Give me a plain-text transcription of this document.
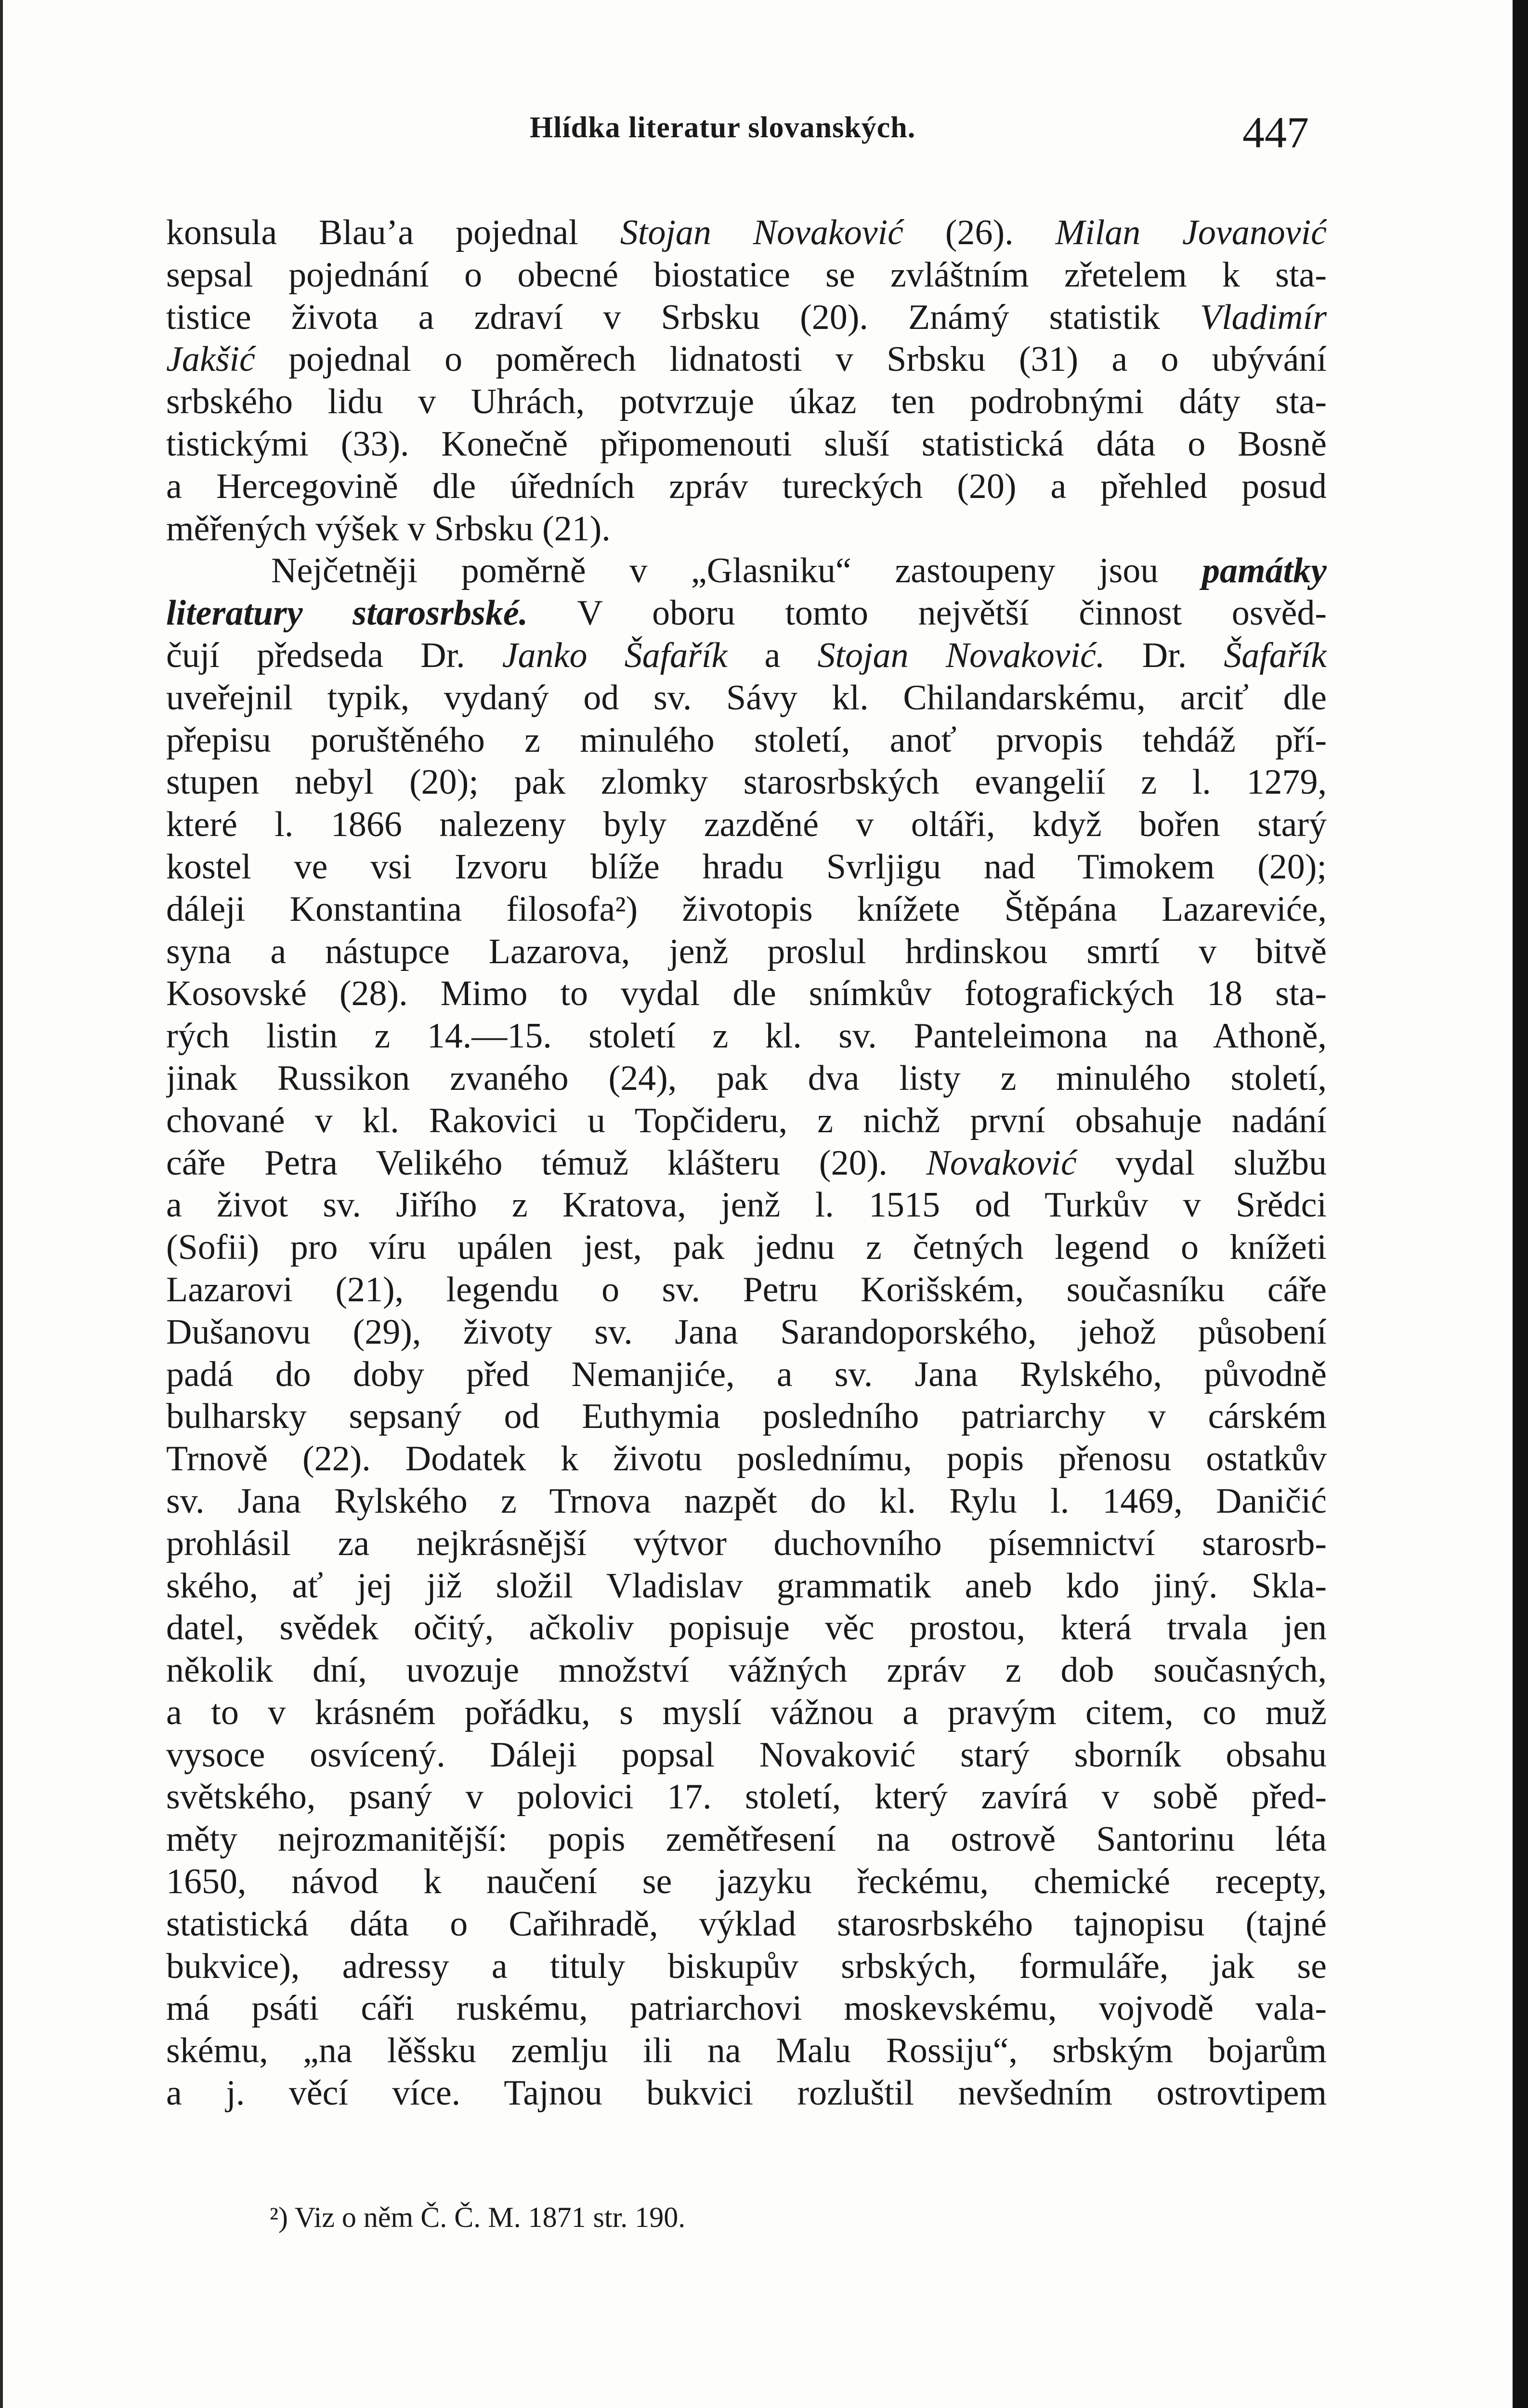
Hlídka literatur slovanských.	447
konsula Blau’a pojednal Stojan Novaković (26). Milan Jovanović
sepsal pojednání o obecné biostatice se zvláštním zřetelem k sta-
tistice života a zdraví v Srbsku (20). Známý statistik Vladimír
Jakšić pojednal o poměrech lidnatosti v Srbsku (31) a o ubývání
srbského lidu v Uhrách, potvrzuje úkaz ten podrobnými dáty sta-
tistickými (33). Konečně připomenouti sluší statistická dáta o Bosně
a Hercegovině dle úředních zpráv tureckých (20) a přehled posud
měřených výšek v Srbsku (21).
Nejčetněji poměrně v „Glasniku“ zastoupeny jsou památky
literatury starosrbské. V oboru tomto největší činnost osvěd-
čují předseda Dr. Janko Šafařík a Stojan Novaković. Dr. Šafařík
uveřejnil typik, vydaný od sv. Sávy kl. Chilandarskému, arciť dle
přepisu poruštěného z minulého století, anoť prvopis tehdáž pří-
stupen nebyl (20); pak zlomky starosrbských evangelií z l. 1279,
které l. 1866 nalezeny byly zazděné v oltáři, když bořen starý
kostel ve vsi Izvoru blíže hradu Svrljigu nad Timokem (20);
dáleji Konstantina filosofa²) životopis knížete Štěpána Lazareviće,
syna a nástupce Lazarova, jenž proslul hrdinskou smrtí v bitvě
Kosovské (28). Mimo to vydal dle snímkův fotografických 18 sta-
rých listin z 14.—15. století z kl. sv. Panteleimona na Athoně,
jinak Russikon zvaného (24), pak dva listy z minulého století,
chované v kl. Rakovici u Topčideru, z nichž první obsahuje nadání
cáře Petra Velikého témuž klášteru (20). Novaković vydal službu
a život sv. Jiřího z Kratova, jenž l. 1515 od Turkův v Srědci
(Sofii) pro víru upálen jest, pak jednu z četných legend o knížeti
Lazarovi (21), legendu o sv. Petru Korišském, současníku cáře
Dušanovu (29), životy sv. Jana Sarandoporského, jehož působení
padá do doby před Nemanjiće, a sv. Jana Rylského, původně
bulharsky sepsaný od Euthymia posledního patriarchy v cárském
Trnově (22). Dodatek k životu poslednímu, popis přenosu ostatkův
sv. Jana Rylského z Trnova nazpět do kl. Rylu l. 1469, Daničić
prohlásil za nejkrásnější výtvor duchovního písemnictví starosrb-
ského, ať jej již složil Vladislav grammatik aneb kdo jiný. Skla-
datel, svědek očitý, ačkoliv popisuje věc prostou, která trvala jen
několik dní, uvozuje množství vážných zpráv z dob současných,
a to v krásném pořádku, s myslí vážnou a pravým citem, co muž
vysoce osvícený. Dáleji popsal Novaković starý sborník obsahu
světského, psaný v polovici 17. století, který zavírá v sobě před-
měty nejrozmanitější: popis zemětřesení na ostrově Santorinu léta
1650, návod k naučení se jazyku řeckému, chemické recepty,
statistická dáta o Cařihradě, výklad starosrbského tajnopisu (tajné
bukvice), adressy a tituly biskupův srbských, formuláře, jak se
má psáti cáři ruskému, patriarchovi moskevskému, vojvodě vala-
skému, „na lěšsku zemlju ili na Malu Rossiju“, srbským bojarům
a j. věcí více. Tajnou bukvici rozluštil nevšedním ostrovtipem
²) Viz o něm Č. Č. M. 1871 str. 190.
